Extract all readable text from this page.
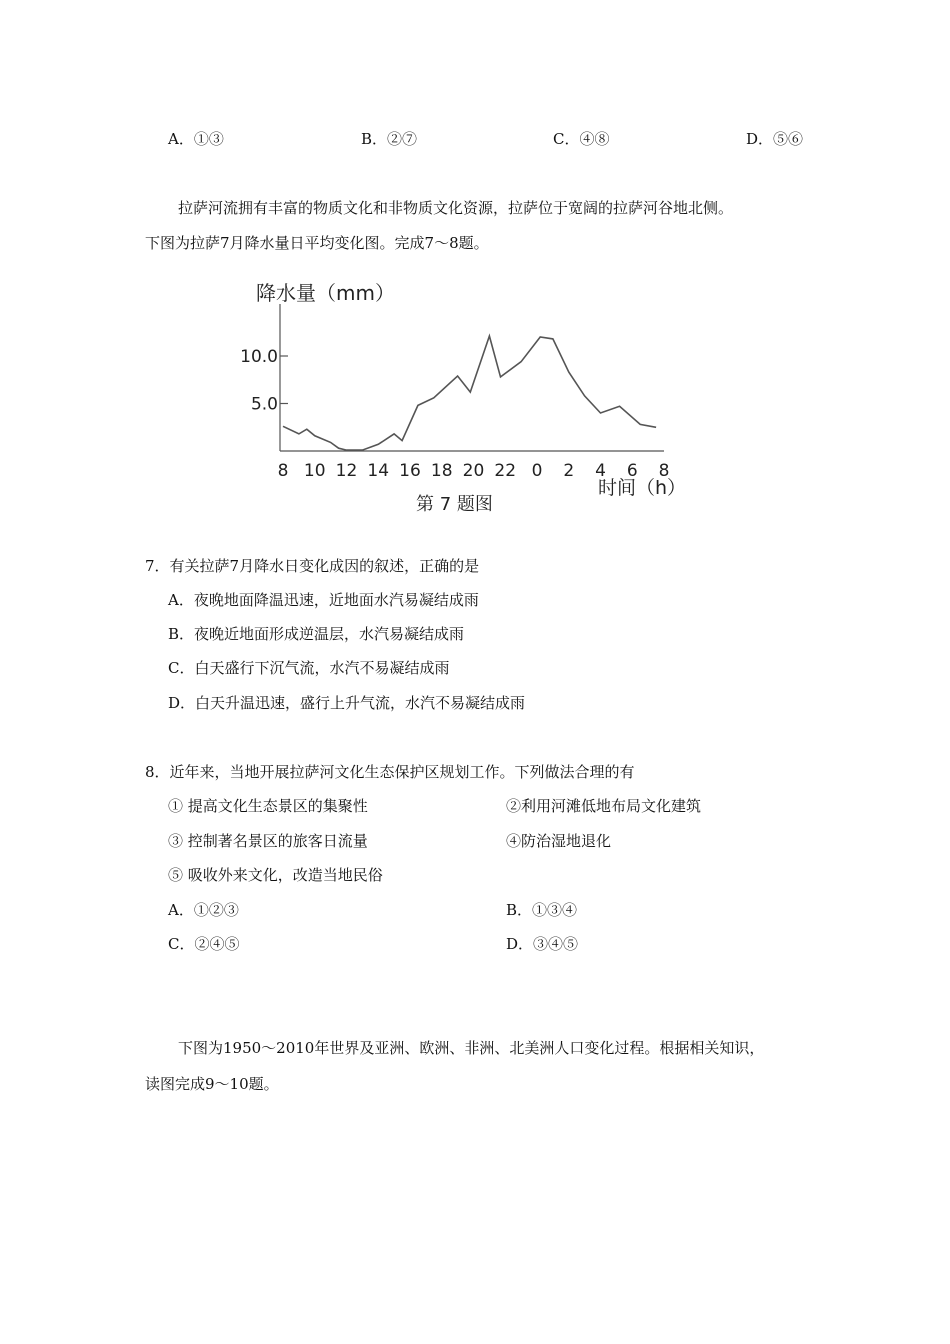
A．①③	B．②⑦	C．④⑧	D．⑤⑥
拉萨河流拥有丰富的物质文化和非物质文化资源，拉萨位于宽阔的拉萨河谷地北侧。
下图为拉萨7月降水量日平均变化图。完成7～8题。
降水量（mm）
10.0
5.0
8 10 12 14 16 18 20 22 0 2 4 6 8
时间（h）
第 7 题图
7．有关拉萨7月降水日变化成因的叙述，正确的是
A．夜晚地面降温迅速，近地面水汽易凝结成雨
B．夜晚近地面形成逆温层，水汽易凝结成雨
C．白天盛行下沉气流，水汽不易凝结成雨
D．白天升温迅速，盛行上升气流，水汽不易凝结成雨
8．近年来，当地开展拉萨河文化生态保护区规划工作。下列做法合理的有
① 提高文化生态景区的集聚性	②利用河滩低地布局文化建筑
③ 控制著名景区的旅客日流量	④防治湿地退化
⑤ 吸收外来文化，改造当地民俗
A．①②③	B．①③④
C．②④⑤	D．③④⑤
下图为1950～2010年世界及亚洲、欧洲、非洲、北美洲人口变化过程。根据相关知识，
读图完成9～10题。
